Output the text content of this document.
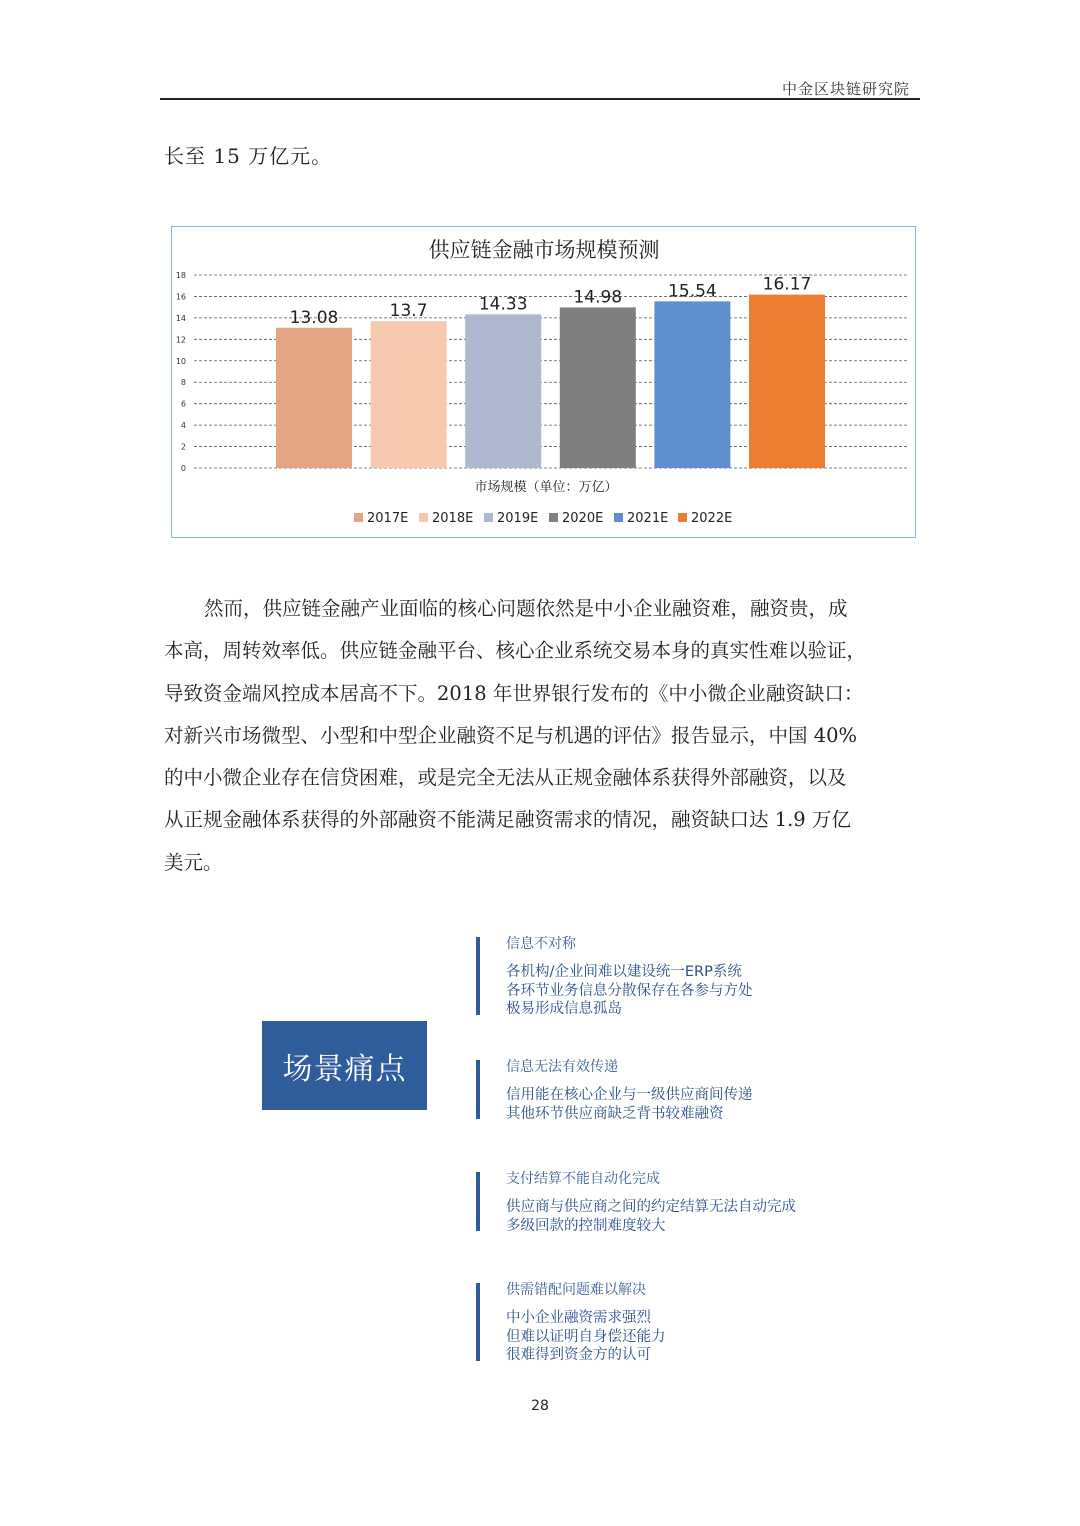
中金区块链研究院
长至 15 万亿元。
供应链金融市场规模预测
0
2
4
6
8
10
12
14
16
18
13.08	13.7	14.33	14.98	15.54	16.17
市场规模（单位：万亿）
2017E 2018E 2019E 2020E 2021E 2022E
然而，供应链金融产业面临的核心问题依然是中小企业融资难，融资贵，成
本高，周转效率低。供应链金融平台、核心企业系统交易本身的真实性难以验证，
导致资金端风控成本居高不下。2018 年世界银行发布的《中小微企业融资缺口：
对新兴市场微型、小型和中型企业融资不足与机遇的评估》报告显示，中国 40%
的中小微企业存在信贷困难，或是完全无法从正规金融体系获得外部融资，以及
从正规金融体系获得的外部融资不能满足融资需求的情况，融资缺口达 1.9 万亿
美元。
场景痛点
信息不对称
各机构/企业间难以建设统一ERP系统
各环节业务信息分散保存在各参与方处
极易形成信息孤岛
信息无法有效传递
信用能在核心企业与一级供应商间传递
其他环节供应商缺乏背书较难融资
支付结算不能自动化完成
供应商与供应商之间的约定结算无法自动完成
多级回款的控制难度较大
供需错配问题难以解决
中小企业融资需求强烈
但难以证明自身偿还能力
很难得到资金方的认可
28
